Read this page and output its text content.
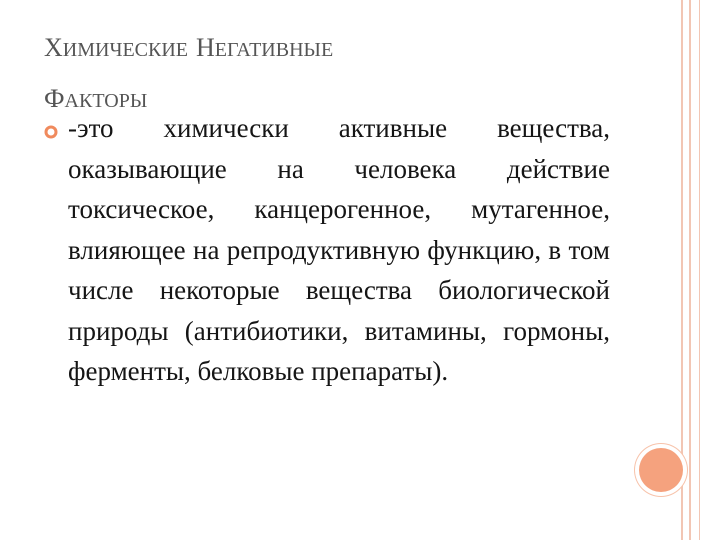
ХИМИЧЕСКИЕ НЕГАТИВНЫЕ
ФАКТОРЫ

-это химически активные вещества, оказывающие на человека действие токсическое, канцерогенное, мутагенное, влияющее на репродуктивную функцию, в том числе некоторые вещества биологической природы (антибиотики, витамины, гормоны, ферменты, белковые препараты).
